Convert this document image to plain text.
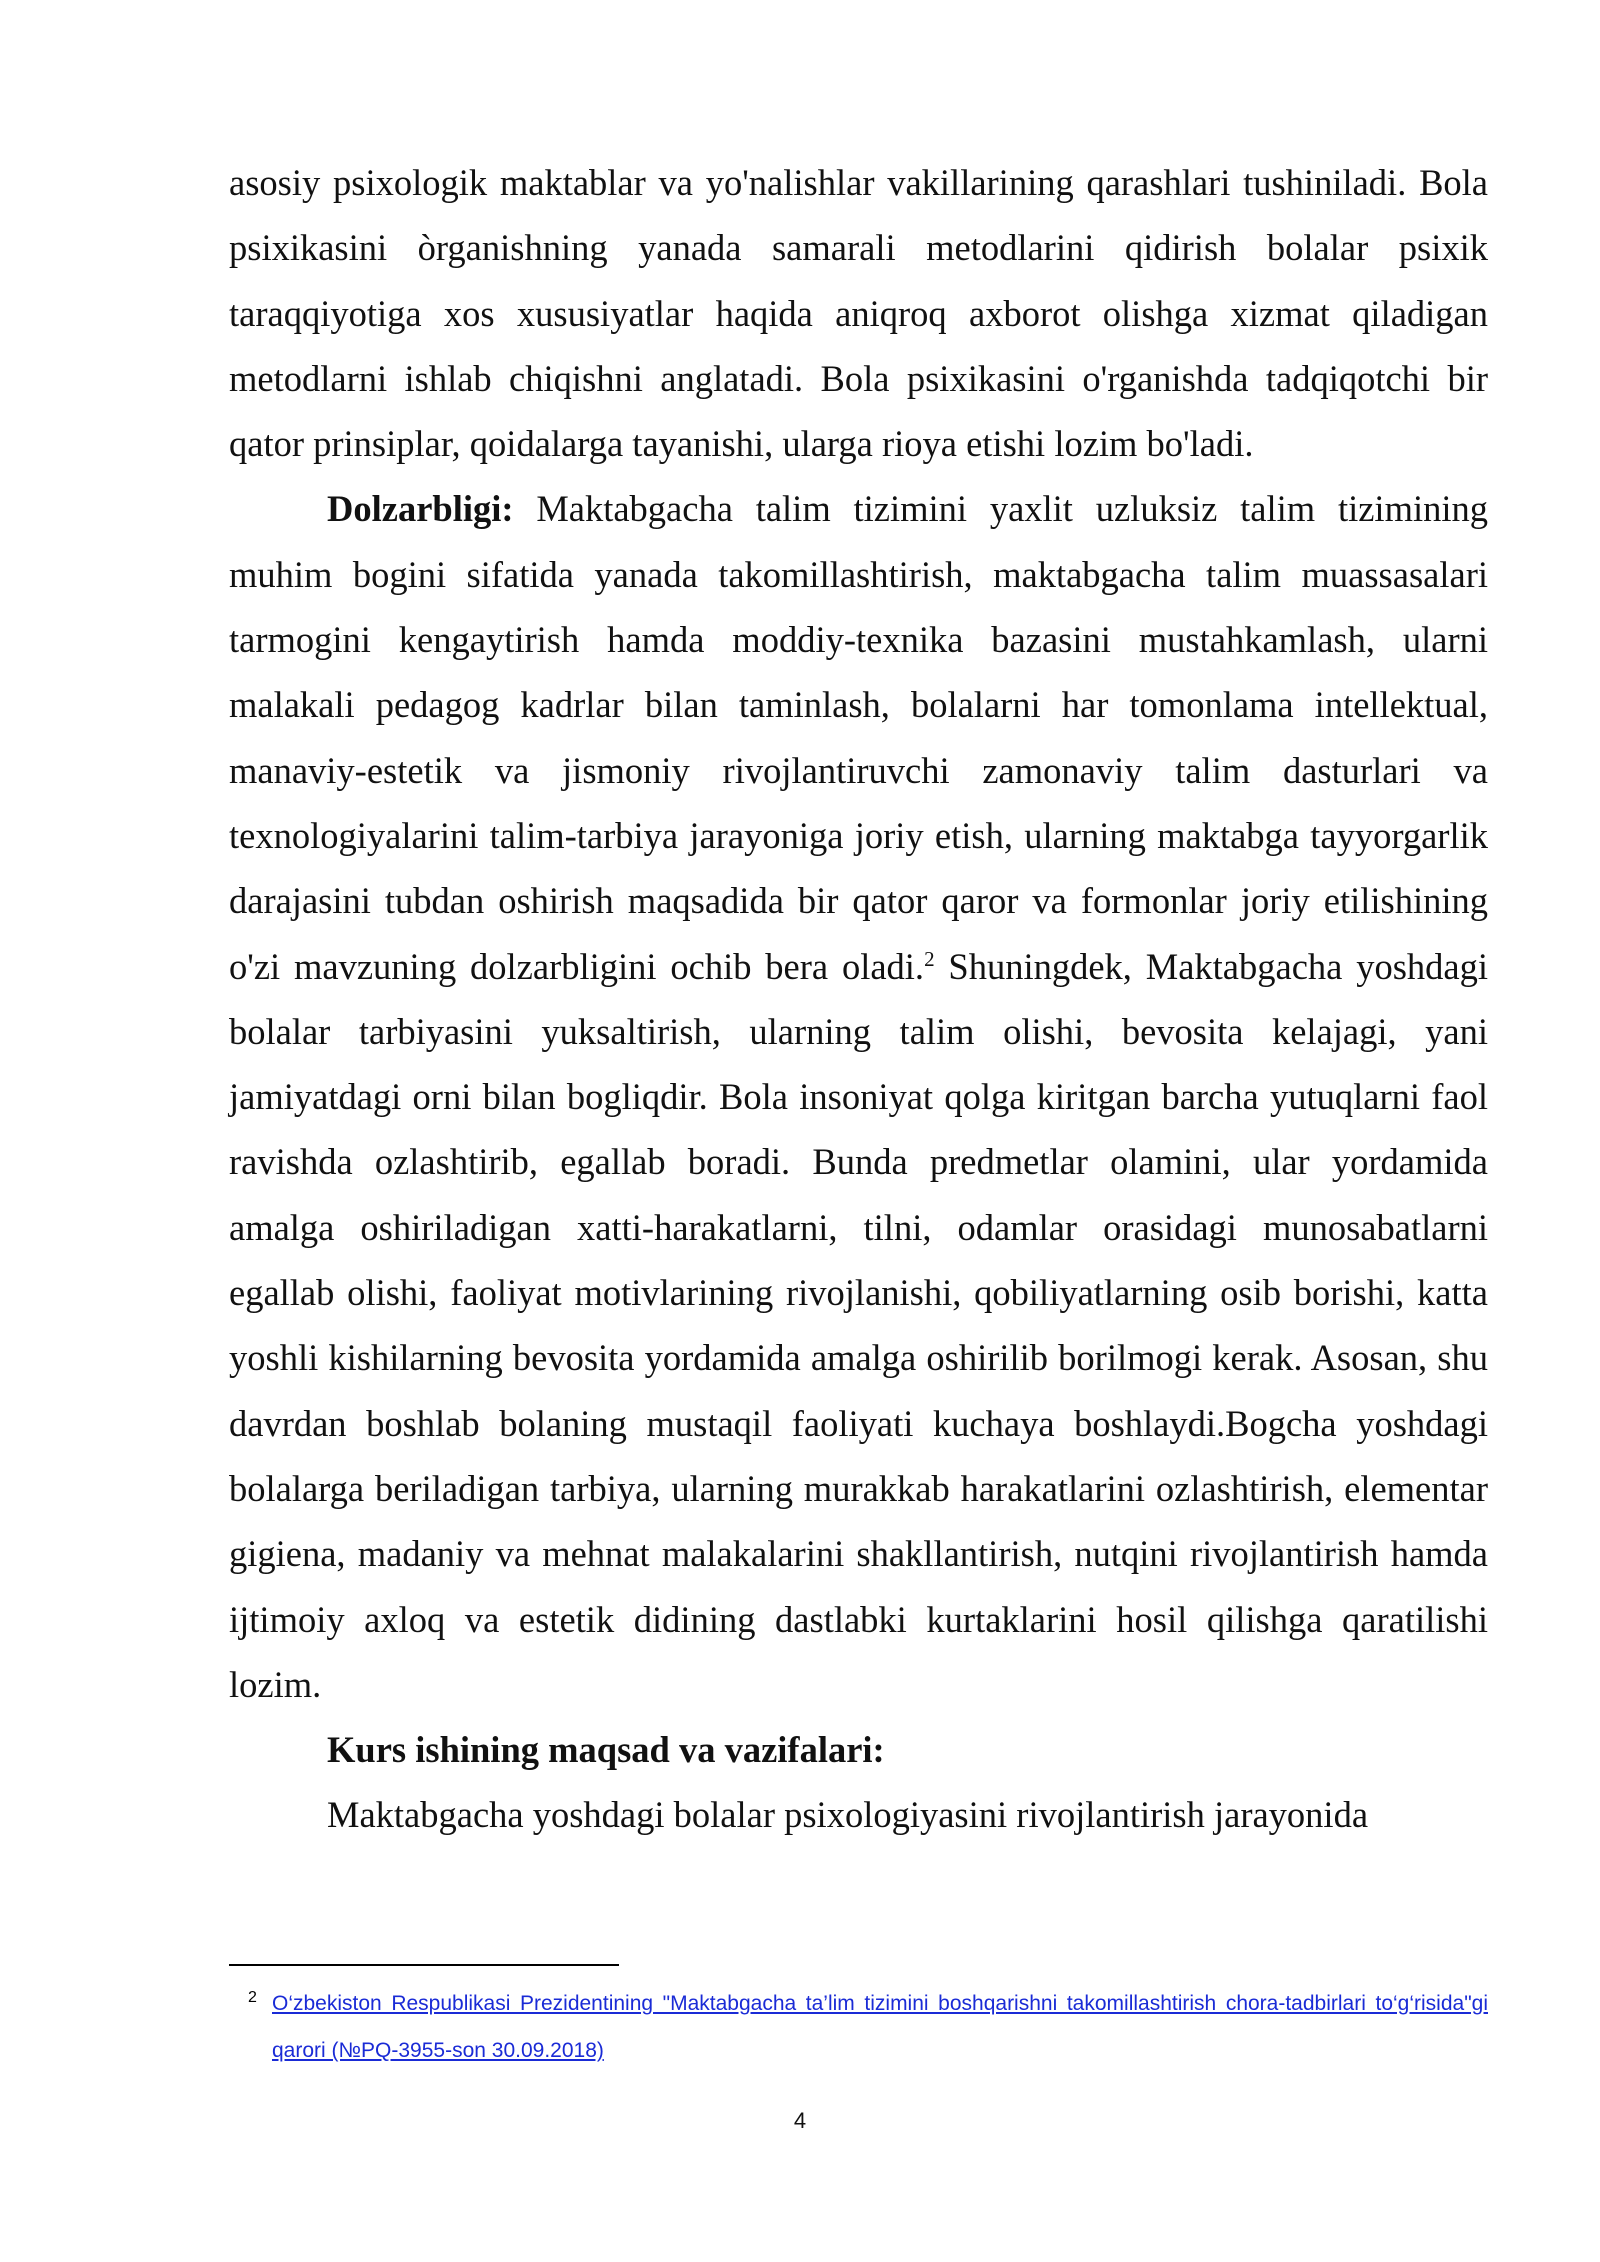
asosiy psixologik maktablar va yo'nalishlar vakillarining qarashlari tushiniladi. Bola psixikasini òrganishning yanada samarali metodlarini qidirish bolalar psixik taraqqiyotiga xos xususiyatlar haqida aniqroq axborot olishga xizmat qiladigan metodlarni ishlab chiqishni anglatadi. Bola psixikasini o'rganishda tadqiqotchi bir qator prinsiplar, qoidalarga tayanishi, ularga rioya etishi lozim bo'ladi.

Dolzarbligi: Maktabgacha talim tizimini yaxlit uzluksiz talim tizimining muhim bogini sifatida yanada takomillashtirish, maktabgacha talim muassasalari tarmogini kengaytirish hamda moddiy-texnika bazasini mustahkamlash, ularni malakali pedagog kadrlar bilan taminlash, bolalarni har tomonlama intellektual, manaviy-estetik va jismoniy rivojlantiruvchi zamonaviy talim dasturlari va texnologiyalarini talim-tarbiya jarayoniga joriy etish, ularning maktabga tayyorgarlik darajasini tubdan oshirish maqsadida bir qator qaror va formonlar joriy etilishining o'zi mavzuning dolzarbligini ochib bera oladi.$^2$ Shuningdek, Maktabgacha yoshdagi bolalar tarbiyasini yuksaltirish, ularning talim olishi, bevosita kelajagi, yani jamiyatdagi orni bilan bogliqdir. Bola insoniyat qolga kiritgan barcha yutuqlarni faol ravishda ozlashtirib, egallab boradi. Bunda predmetlar olamini, ular yordamida amalga oshiriladigan xatti-harakatlarni, tilni, odamlar orasidagi munosabatlarni egallab olishi, faoliyat motivlarining rivojlanishi, qobiliyatlarning osib borishi, katta yoshli kishilarning bevosita yordamida amalga oshirilib borilmogi kerak. Asosan, shu davrdan boshlab bolaning mustaqil faoliyati kuchaya boshlaydi.Bogcha yoshdagi bolalarga beriladigan tarbiya, ularning murakkab harakatlarini ozlashtirish, elementar gigiena, madaniy va mehnat malakalarini shakllantirish, nutqini rivojlantirish hamda ijtimoiy axloq va estetik didining dastlabki kurtaklarini hosil qilishga qaratilishi lozim.

Kurs ishining maqsad va vazifalari:

Maktabgacha yoshdagi bolalar psixologiyasini rivojlantirish jarayonida

2 O‘zbekiston Respublikasi Prezidentining "Maktabgacha ta’lim tizimini boshqarishni takomillashtirish chora-tadbirlari to‘g‘risida"gi qarori (№PQ-3955-son 30.09.2018)
4
